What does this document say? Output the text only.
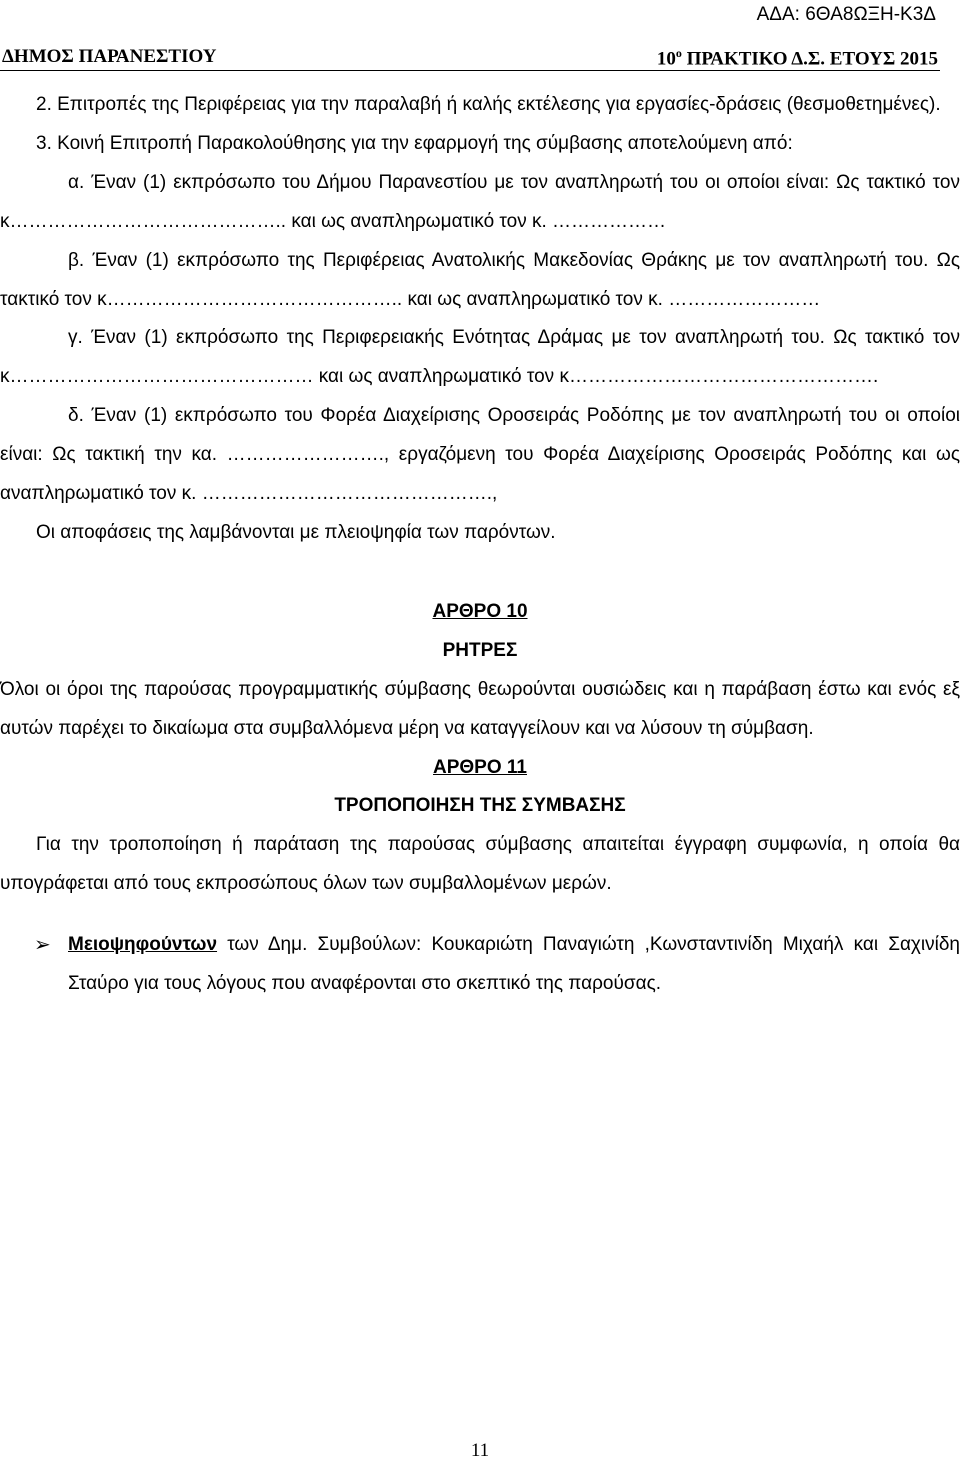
ΑΔΑ: 6ΘΑ8ΩΞΗ-Κ3Δ
ΔΗΜΟΣ ΠΑΡΑΝΕΣΤΙΟΥ	$10^o$ ΠΡΑΚΤΙΚΟ Δ.Σ. ΕΤΟΥΣ 2015

2. Επιτροπές της Περιφέρειας για την παραλαβή ή καλής εκτέλεσης για εργασίες-δράσεις (θεσμοθετημένες).

3. Κοινή Επιτροπή Παρακολούθησης για την εφαρμογή της σύμβασης αποτελούμενη από:

α. Έναν (1) εκπρόσωπο του Δήμου Παρανεστίου με τον αναπληρωτή του οι οποίοι είναι: Ως τακτικό τον κ…………………………………….. και ως αναπληρωματικό τον κ. ………………

β. Έναν (1) εκπρόσωπο της Περιφέρειας Ανατολικής Μακεδονίας Θράκης με τον αναπληρωτή του. Ως τακτικό τον κ……………………………………….. και ως αναπληρωματικό τον κ. ……………………

γ. Έναν (1) εκπρόσωπο της Περιφερειακής Ενότητας Δράμας με τον αναπληρωτή του. Ως τακτικό τον κ………………………………………… και ως αναπληρωματικό τον κ………………………………………….

δ. Έναν (1) εκπρόσωπο του Φορέα Διαχείρισης Οροσειράς Ροδόπης με τον αναπληρωτή του οι οποίοι είναι: Ως τακτική την κα. ……………………., εργαζόμενη του Φορέα Διαχείρισης Οροσειράς Ροδόπης και ως αναπληρωματικό τον κ. ……………………………………….,

Οι αποφάσεις της λαμβάνονται με πλειοψηφία των παρόντων.

ΑΡΘΡΟ 10

ΡΗΤΡΕΣ

Όλοι οι όροι της παρούσας προγραμματικής σύμβασης θεωρούνται ουσιώδεις και η παράβαση έστω και ενός εξ αυτών παρέχει το δικαίωμα στα συμβαλλόμενα μέρη να καταγγείλουν και να λύσουν τη σύμβαση.

ΑΡΘΡΟ 11

ΤΡΟΠΟΠΟΙΗΣΗ ΤΗΣ ΣΥΜΒΑΣΗΣ

Για την τροποποίηση ή παράταση της παρούσας σύμβασης απαιτείται έγγραφη συμφωνία, η οποία θα υπογράφεται από τους εκπροσώπους όλων των συμβαλλομένων μερών.

➢ Μειοψηφούντων των Δημ. Συμβούλων: Κουκαριώτη Παναγιώτη ,Κωνσταντινίδη Μιχαήλ και Σαχινίδη Σταύρο για τους λόγους που αναφέρονται στο σκεπτικό της παρούσας.

11
